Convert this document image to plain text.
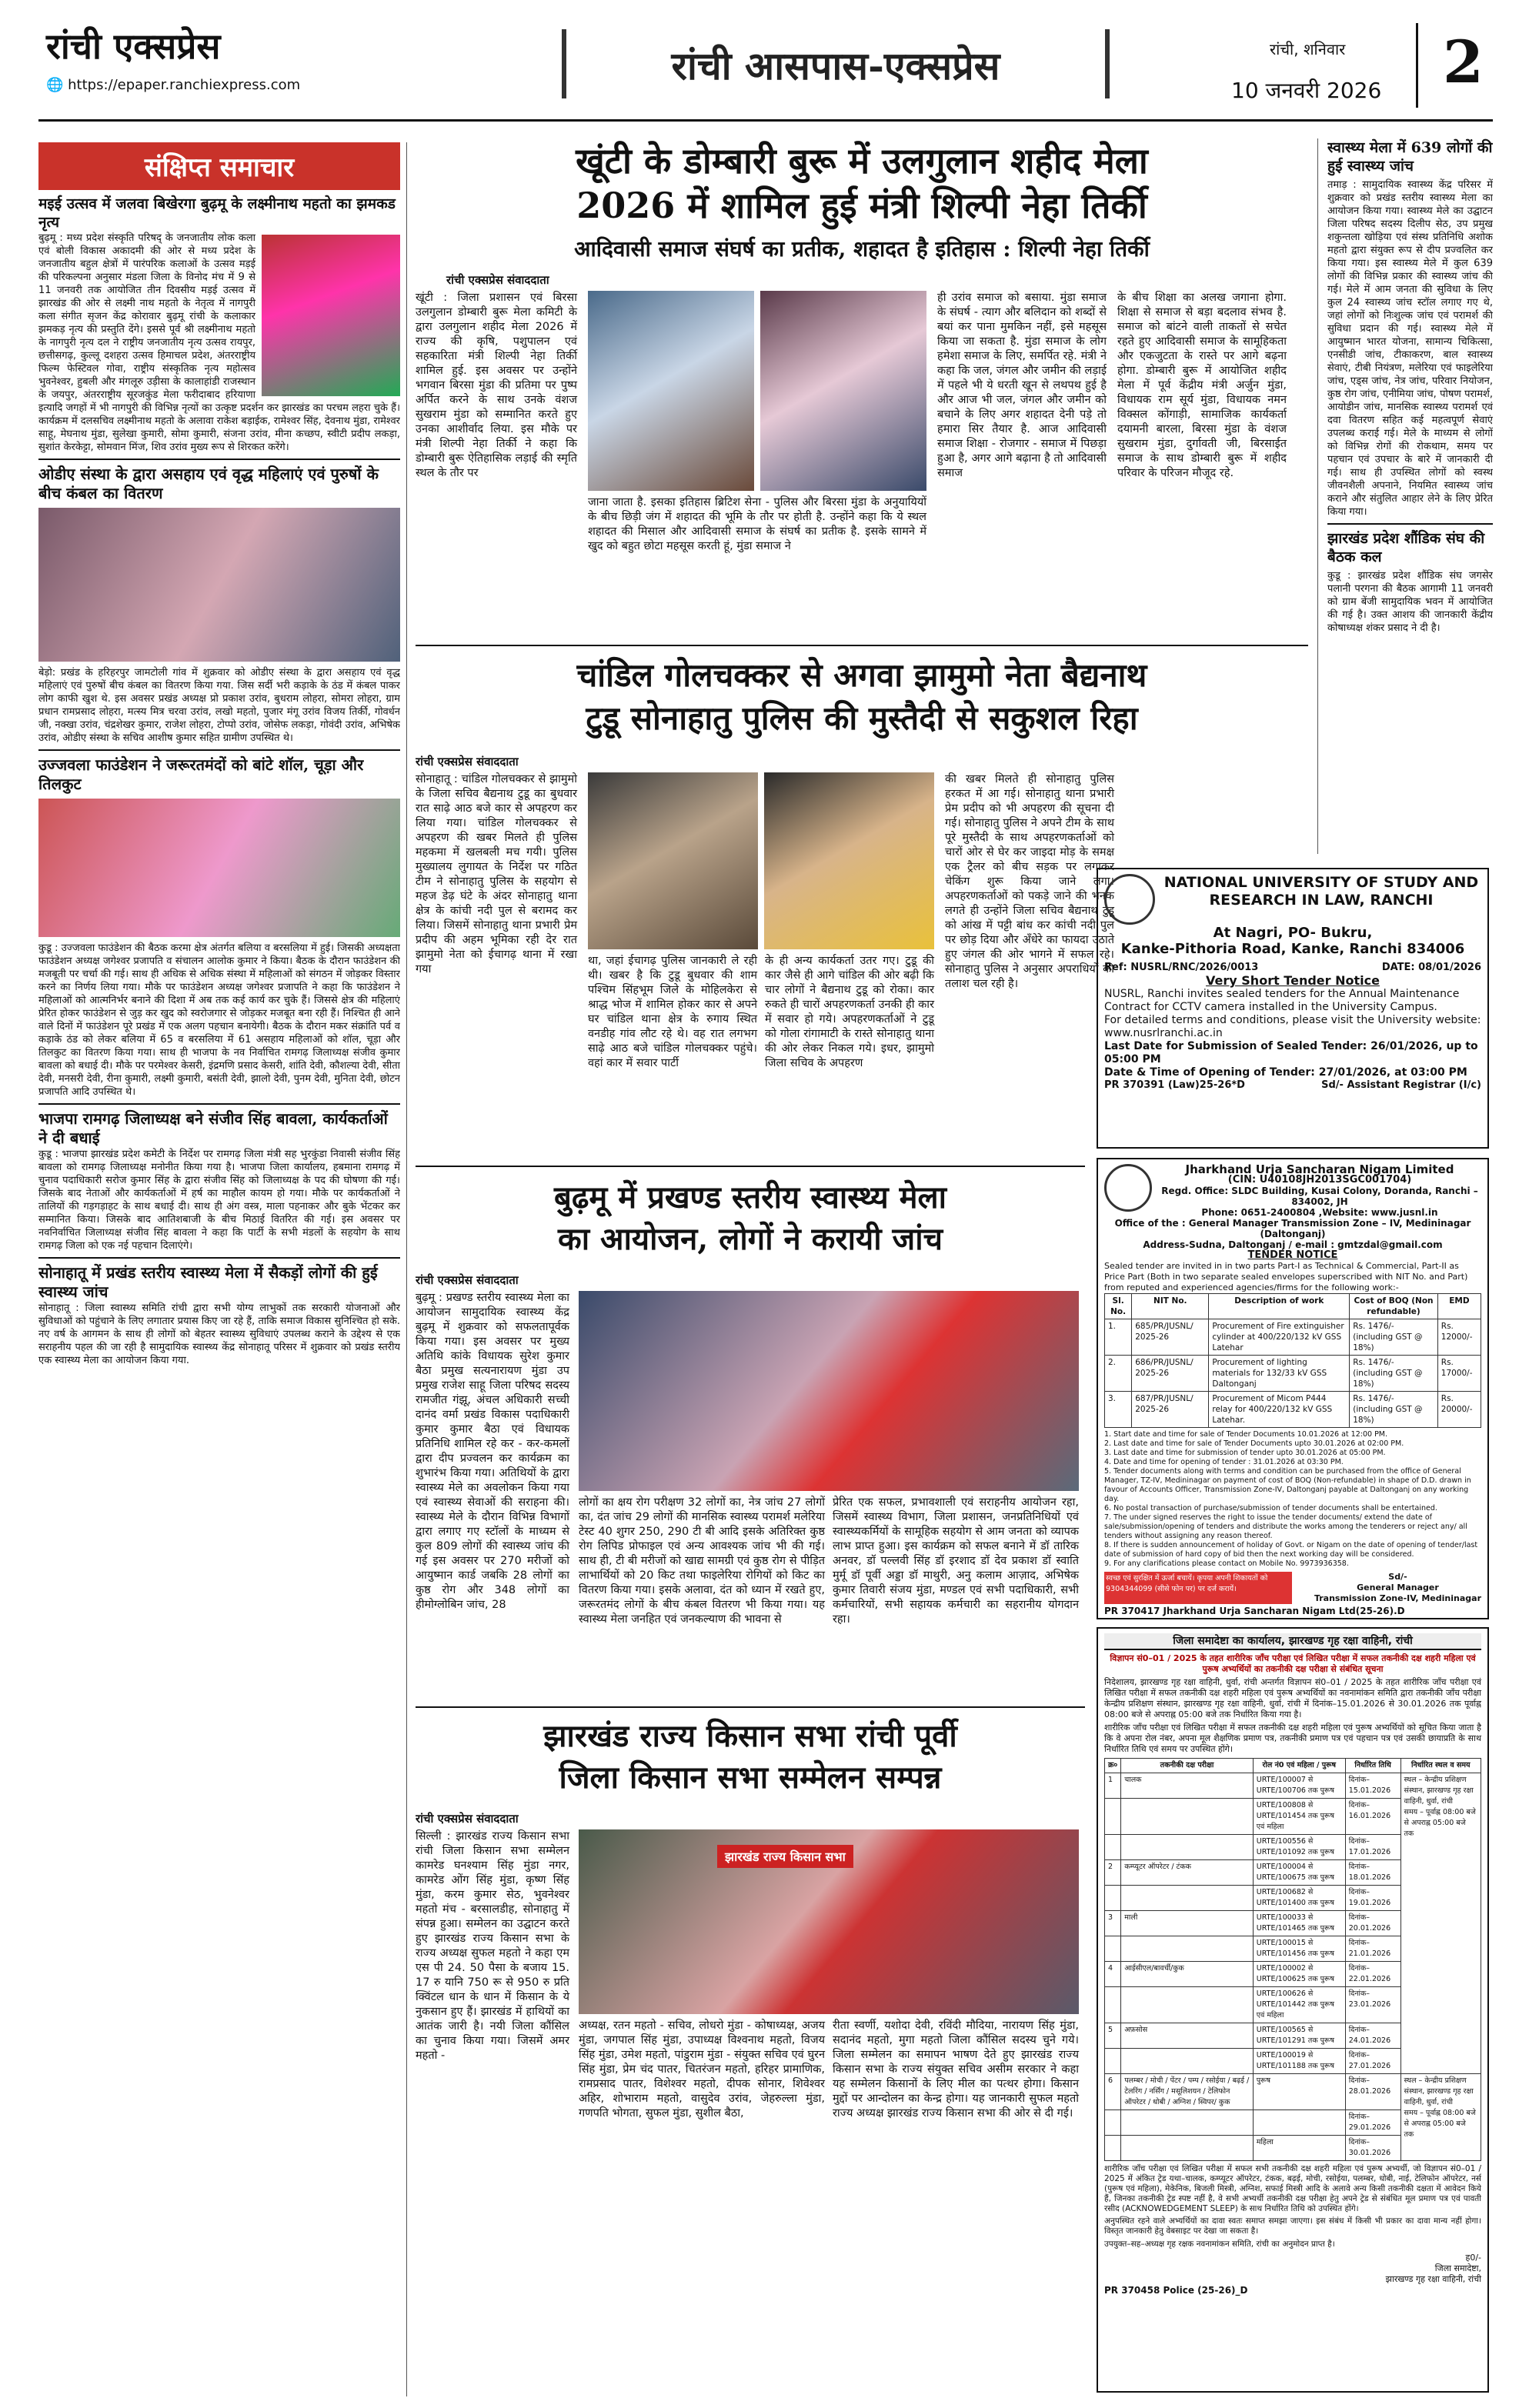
रांची एक्सप्रेस
🌐 https://epaper.ranchiexpress.com	रांची आसपास-एक्सप्रेस	रांची, शनिवार
10 जनवरी 2026 2
संक्षिप्त समाचार
मइर्ई उत्सव में जलवा बिखेरगा बुढ़मू के लक्ष्मीनाथ महतो का झमकड नृत्य
बुढ़मू : मध्य प्रदेश संस्कृति परिषद् के जनजातीय लोक कला एवं बोली विकास अकादमी की ओर से मध्य प्रदेश के जनजातीय बहुल क्षेत्रों में पारंपरिक कलाओं के उत्सव मड़ई की परिकल्पना अनुसार मंडला जिला के विनोद मंच में 9 से 11 जनवरी तक आयोजित तीन दिवसीय मड़ई उत्सव में झारखंड की ओर से लक्ष्मी नाथ महतो के नेतृत्व में नागपुरी कला संगीत सृजन केंद्र कोरावार बुढ़मू रांची के कलाकार झमकड़ नृत्य की प्रस्तुति देंगे। इससे पूर्व श्री लक्ष्मीनाथ महतो के नागपुरी नृत्य दल ने राष्ट्रीय जनजातीय नृत्य उत्सव रायपुर, छत्तीसगढ़, कुल्लू दशहरा उत्सव हिमाचल प्रदेश, अंतरराष्ट्रीय फिल्म फेस्टिवल गोवा, राष्ट्रीय संस्कृतिक नृत्य महोत्सव भुवनेश्वर, हुबली और मंगलूरु उड़ीसा के कालाहांडी राजस्थान के जयपुर, अंतरराष्ट्रीय सूरजकुंड मेला फरीदाबाद हरियाणा इत्यादि जगहों में भी नागपुरी की विभिन्न नृत्यों का उत्कृष्ट प्रदर्शन कर झारखंड का परचम लहरा चुके हैं। कार्यक्रम में दलसचिव लक्ष्मीनाथ महतो के अलावा राकेश बड़ाईक, रामेश्वर सिंह, देवनाथ मुंडा, रामेश्वर साहू, मेघनाथ मुंडा, सुलेखा कुमारी, सोमा कुमारी, संजना उरांव, मीना कच्छप, स्वीटी प्रदीप लकड़ा, सुशांत केरकेट्टा, सोमवान मिंज, शिव उरांव मुख्य रूप से शिरकत करेंगे।
ओडीए संस्था के द्वारा असहाय एवं वृद्ध महिलाएं एवं पुरुषों के बीच कंबल का वितरण
बेड़ो: प्रखंड के हरिहरपुर जामटोली गांव में शुक्रवार को ओडीए संस्था के द्वारा असहाय एवं वृद्ध महिलाएं एवं पुरुषों बीच कंबल का वितरण किया गया. जिस सर्दी भरी कड़ाके के ठंड में कंबल पाकर लोग काफी खुश थे. इस अवसर प्रखंड अध्यक्ष प्रो प्रकाश उरांव, बुधराम लोहरा, सोमरा लोहरा, ग्राम प्रधान रामप्रसाद लोहरा, मत्स्य मित्र चरवा उरांव, लखो महतो, पुजार मंगू उरांव विजय तिर्की, गोवर्धन जी, नक्खा उरांव, चंद्रशेखर कुमार, राजेश लोहरा, टोप्पो उरांव, जोसेफ लकड़ा, गोवंदी उरांव, अभिषेक उरांव, ओडीए संस्था के सचिव आशीष कुमार सहित ग्रामीण उपस्थित थे।
उज्जवला फाउंडेशन ने जरूरतमंदों को बांटे शॉल, चूड़ा और तिलकुट
कुडू : उज्जवला फाउंडेशन की बैठक करमा क्षेत्र अंतर्गत बलिया व बरसलिया में हुई। जिसकी अध्यक्षता फाउंडेशन अध्यक्ष जगेश्वर प्रजापति व संचालन आलोक कुमार ने किया। बैठक के दौरान फाउंडेशन की मजबूती पर चर्चा की गई। साथ ही अधिक से अधिक संस्था में महिलाओं को संगठन में जोड़कर विस्तार करने का निर्णय लिया गया। मौके पर फाउंडेशन अध्यक्ष जगेश्वर प्रजापति ने कहा कि फाउंडेशन ने महिलाओं को आत्मनिर्भर बनाने की दिशा में अब तक कई कार्य कर चुके हैं। जिससे क्षेत्र की महिलाएं प्रेरित होकर फाउंडेशन से जुड़ कर खुद को स्वरोजगार से जोड़कर मजबूत बना रही हैं। निश्चित ही आने वाले दिनों में फाउंडेशन पूरे प्रखंड में एक अलग पहचान बनायेगी। बैठक के दौरान मकर संक्रांति पर्व व कड़ाके ठंड को लेकर बलिया में 65 व बरसलिया में 61 असहाय महिलाओं को शॉल, चूड़ा और तिलकुट का वितरण किया गया। साथ ही भाजपा के नव निर्वाचित रामगढ़ जिलाध्यक्ष संजीव कुमार बावला को बधाई दी। मौके पर परमेश्वर केसरी, इंद्रमणि प्रसाद केसरी, शांति देवी, कौशल्या देवी, सीता देवी, मनसरी देवी, रीना कुमारी, लक्ष्मी कुमारी, बसंती देवी, झालो देवी, पुनम देवी, मुनिता देवी, छोटन प्रजापति आदि उपस्थित थे।
भाजपा रामगढ़ जिलाध्यक्ष बने संजीव सिंह बावला, कार्यकर्ताओं ने दी बधाई
कुडू : भाजपा झारखंड प्रदेश कमेटी के निर्देश पर रामगढ़ जिला मंत्री सह भुरकुंडा निवासी संजीव सिंह बावला को रामगढ़ जिलाध्यक्ष मनोनीत किया गया है। भाजपा जिला कार्यालय, हबमाना रामगढ़ में चुनाव पदाधिकारी सरोज कुमार सिंह के द्वारा संजीव सिंह को जिलाध्यक्ष के पद की घोषणा की गई। जिसके बाद नेताओं और कार्यकर्ताओं में हर्ष का माहौल कायम हो गया। मौके पर कार्यकर्ताओं ने तालियों की गड़गड़ाहट के साथ बधाई दी। साथ ही अंग वस्त्र, माला पहनाकर और बुके भेंटकर कर सम्मानित किया। जिसके बाद आतिशबाजी के बीच मिठाई वितरित की गई। इस अवसर पर नवनिर्वाचित जिलाध्यक्ष संजीव सिंह बावला ने कहा कि पार्टी के सभी मंडलों के सहयोग के साथ रामगढ़ जिला को एक नई पहचान दिलाएंगे।
सोनाहातू में प्रखंड स्तरीय स्वास्थ्य मेला में सैकड़ों लोगों की हुई स्वास्थ्य जांच
सोनाहातू : जिला स्वास्थ्य समिति रांची द्वारा सभी योग्य लाभुकों तक सरकारी योजनाओं और सुविधाओं को पहुंचाने के लिए लगातार प्रयास किए जा रहे हैं, ताकि समाज विकास सुनिश्चित हो सके. नए वर्ष के आगमन के साथ ही लोगों को बेहतर स्वास्थ्य सुविधाएं उपलब्ध कराने के उद्देश्य से एक सराहनीय पहल की जा रही है सामुदायिक स्वास्थ्य केंद्र सोनाहातू परिसर में शुक्रवार को प्रखंड स्तरीय एक स्वास्थ्य मेला का आयोजन किया गया.
खूंटी के डोम्बारी बुरू में उलगुलान शहीद मेला
2026 में शामिल हुई मंत्री शिल्पी नेहा तिर्की
आदिवासी समाज संघर्ष का प्रतीक, शहादत है इतिहास : शिल्पी नेहा तिर्की
रांची एक्सप्रेस संवाददाता
खूंटी : जिला प्रशासन एवं बिरसा उलगुलान डोम्बारी बुरू मेला कमिटी के द्वारा उलगुलान शहीद मेला 2026 में राज्य की कृषि, पशुपालन एवं सहकारिता मंत्री शिल्पी नेहा तिर्की शामिल हुई. इस अवसर पर उन्होंने भगवान बिरसा मुंडा की प्रतिमा पर पुष्प अर्पित करने के साथ उनके वंशज सुखराम मुंडा को सम्मानित करते हुए उनका आशीर्वाद लिया. इस मौके पर मंत्री शिल्पी नेहा तिर्की ने कहा कि डोम्बारी बुरू ऐतिहासिक लड़ाई की स्मृति स्थल के तौर पर
जाना जाता है. इसका इतिहास ब्रिटिश सेना - पुलिस और बिरसा मुंडा के अनुयायियों के बीच छिड़ी जंग में शहादत की भूमि के तौर पर होती है. उन्होंने कहा कि ये स्थल शहादत की मिसाल और आदिवासी समाज के संघर्ष का प्रतीक है. इसके सामने में खुद को बहुत छोटा महसूस करती हूं, मुंडा समाज ने
ही उरांव समाज को बसाया. मुंडा समाज के संघर्ष - त्याग और बलिदान को शब्दों से बयां कर पाना मुमकिन नहीं, इसे महसूस किया जा सकता है. मुंडा समाज के लोग हमेशा समाज के लिए, समर्पित रहे. मंत्री ने कहा कि जल, जंगल और जमीन की लड़ाई में पहले भी ये धरती खून से लथपथ हुई है और आज भी जल, जंगल और जमीन को बचाने के लिए अगर शहादत देनी पड़े तो हमारा सिर तैयार है. आज आदिवासी समाज शिक्षा - रोजगार - समाज में पिछड़ा हुआ है, अगर आगे बढ़ाना है तो आदिवासी समाज
के बीच शिक्षा का अलख जगाना होगा. शिक्षा से समाज से बड़ा बदलाव संभव है. समाज को बांटने वाली ताकतों से सचेत रहते हुए आदिवासी समाज के सामूहिकता और एकजुटता के रास्ते पर आगे बढ़ना होगा. डोम्बारी बुरू में आयोजित शहीद मेला में पूर्व केंद्रीय मंत्री अर्जुन मुंडा, विधायक राम सूर्य मुंडा, विधायक नमन विक्सल कोंगाड़ी, सामाजिक कार्यकर्ता दयामनी बारला, बिरसा मुंडा के वंशज सुखराम मुंडा, दुर्गावती जी, बिरसाईत समाज के साथ डोम्बारी बुरू में शहीद परिवार के परिजन मौजूद रहे.
स्वास्थ्य मेला में 639 लोगों की हुई स्वास्थ्य जांच
तमाड़ : सामुदायिक स्वास्थ्य केंद्र परिसर में शुक्रवार को प्रखंड स्तरीय स्वास्थ्य मेला का आयोजन किया गया। स्वास्थ्य मेले का उद्घाटन जिला परिषद सदस्य दिलीप सेठ, उप प्रमुख शकुन्तला खोड़िया एवं संस्थ प्रतिनिधि अशोक महतो द्वारा संयुक्त रूप से दीप प्रज्वलित कर किया गया। इस स्वास्थ्य मेले में कुल 639 लोगों की विभिन्न प्रकार की स्वास्थ्य जांच की गई। मेले में आम जनता की सुविधा के लिए कुल 24 स्वास्थ्य जांच स्टॉल लगाए गए थे, जहां लोगों को निःशुल्क जांच एवं परामर्श की सुविधा प्रदान की गई। स्वास्थ्य मेले में आयुष्मान भारत योजना, सामान्य चिकित्सा, एनसीडी जांच, टीकाकरण, बाल स्वास्थ्य सेवाएं, टीबी नियंत्रण, मलेरिया एवं फाइलेरिया जांच, एड्स जांच, नेत्र जांच, परिवार नियोजन, कुष्ठ रोग जांच, एनीमिया जांच, पोषण परामर्श, आयोडीन जांच, मानसिक स्वास्थ्य परामर्श एवं दवा वितरण सहित कई महत्वपूर्ण सेवाएं उपलब्ध कराई गई। मेले के माध्यम से लोगों को विभिन्न रोगों की रोकथाम, समय पर पहचान एवं उपचार के बारे में जानकारी दी गई। साथ ही उपस्थित लोगों को स्वस्थ जीवनशैली अपनाने, नियमित स्वास्थ्य जांच कराने और संतुलित आहार लेने के लिए प्रेरित किया गया।
झारखंड प्रदेश शौंडिक संघ की बैठक कल
कुडू : झारखंड प्रदेश शौंडिक संघ जगसेर पलानी परगना की बैठक आगामी 11 जनवरी को ग्राम बेंजी सामुदायिक भवन में आयोजित की गई है। उक्त आशय की जानकारी केंद्रीय कोषाध्यक्ष शंकर प्रसाद ने दी है।
चांडिल गोलचक्कर से अगवा झामुमो नेता बैद्यनाथ
टुडू सोनाहातु पुलिस की मुस्तैदी से सकुशल रिहा
रांची एक्सप्रेस संवाददाता
सोनाहातू : चांडिल गोलचक्कर से झामुमो के जिला सचिव बैद्यनाथ टुडू का बुधवार रात साढ़े आठ बजे कार से अपहरण कर लिया गया। चांडिल गोलचक्कर से अपहरण की खबर मिलते ही पुलिस महकमा में खलबली मच गयी। पुलिस मुख्यालय लुगायत के निर्देश पर गठित टीम ने सोनाहातु पुलिस के सहयोग से महज डेढ़ घंटे के अंदर सोनाहातु थाना क्षेत्र के कांची नदी पुल से बरामद कर लिया। जिसमें सोनाहातु थाना प्रभारी प्रेम प्रदीप की अहम भूमिका रही देर रात झामुमो नेता को ईचागढ़ थाना में रखा गया
था, जहां ईचागढ़ पुलिस जानकारी ले रही थी। खबर है कि टुडू बुधवार की शाम पश्चिम सिंहभूम जिले के मोहिलकेरा से श्राद्ध भोज में शामिल होकर कार से अपने घर चांडिल थाना क्षेत्र के रुगाय स्थित वनडीह गांव लौट रहे थे। वह रात लगभग साढ़े आठ बजे चांडिल गोलचक्कर पहुंचे। वहां कार में सवार पार्टी
के ही अन्य कार्यकर्ता उतर गए। टुडू की कार जैसे ही आगे चांडिल की ओर बढ़ी कि चार लोगों ने बैद्यनाथ टुडू को रोका। कार रुकते ही चारों अपहरणकर्ता उनकी ही कार में सवार हो गये। अपहरणकर्ताओं ने टुडू को गोला रांगामाटी के रास्ते सोनाहातु थाना की ओर लेकर निकल गये। इधर, झामुमो जिला सचिव के अपहरण
की खबर मिलते ही सोनाहातु पुलिस हरकत में आ गई। सोनाहातु थाना प्रभारी प्रेम प्रदीप को भी अपहरण की सूचना दी गई। सोनाहातु पुलिस ने अपने टीम के साथ पूरे मुस्तैदी के साथ अपहरणकर्ताओं को चारों ओर से घेर कर जाइदा मोड़ के समक्ष एक ट्रैलर को बीच सड़क पर लगाकर चेकिंग शुरू किया जाने लगा। अपहरणकर्ताओं को पकड़े जाने की भनक लगते ही उन्होंने जिला सचिव बैद्यनाथ टुडू को आंख में पट्टी बांध कर कांची नदी पुल पर छोड़ दिया और अँधेरे का फायदा उठाते हुए जंगल की ओर भागने में सफल रहे। सोनाहातु पुलिस ने अनुसार अपराधियों की तलाश चल रही है।
NATIONAL UNIVERSITY OF STUDY AND RESEARCH IN LAW, RANCHI
At Nagri, PO- Bukru,
Kanke-Pithoria Road, Kanke, Ranchi 834006
Ref: NUSRL/RNC/2026/0013	DATE: 08/01/2026
Very Short Tender Notice
NUSRL, Ranchi invites sealed tenders for the Annual Maintenance Contract for CCTV camera installed in the University Campus.
For detailed terms and conditions, please visit the University website: www.nusrlranchi.ac.in
Last Date for Submission of Sealed Tender: 26/01/2026, up to 05:00 PM
Date & Time of Opening of Tender: 27/01/2026, at 03:00 PM
PR 370391 (Law)25-26*D	Sd/- Assistant Registrar (I/c)
बुढ़मू में प्रखण्ड स्तरीय स्वास्थ्य मेला
का आयोजन, लोगों ने करायी जांच
रांची एक्सप्रेस संवाददाता
बुढ़मू : प्रखण्ड स्तरीय स्वास्थ्य मेला का आयोजन सामुदायिक स्वास्थ्य केंद्र बुढ़मू में शुक्रवार को सफलतापूर्वक किया गया। इस अवसर पर मुख्य अतिथि कांके विधायक सुरेश कुमार बैठा प्रमुख सत्यनारायण मुंडा उप प्रमुख राजेश साहू जिला परिषद सदस्य रामजीत गंझू, अंचल अधिकारी सच्ची दानंद वर्मा प्रखंड विकास पदाधिकारी कुमार कुमार बैठा एवं विधायक प्रतिनिधि शामिल रहे कर - कर-कमलों द्वारा दीप प्रज्वलन कर कार्यक्रम का शुभारंभ किया गया। अतिथियों के द्वारा स्वास्थ्य मेले का अवलोकन किया गया एवं स्वास्थ्य सेवाओं की सराहना की। स्वास्थ्य मेले के दौरान विभिन्न विभागों द्वारा लगाए गए स्टॉलों के माध्यम से कुल 809 लोगों की स्वास्थ्य जांच की गई इस अवसर पर 270 मरीजों को आयुष्मान कार्ड जबकि 28 लोगों का कुष्ठ रोग और 348 लोगों का हीमोग्लोबिन जांच, 28
लोगों का क्षय रोग परीक्षण 32 लोगों का, नेत्र जांच 27 लोगों का, दंत जांच 29 लोगों की मानसिक स्वास्थ्य परामर्श मलेरिया टेस्ट 40 शुगर 250, 290 टी बी आदि इसके अतिरिक्त कुष्ठ रोग लिपिड प्रोफाइल एवं अन्य आवश्यक जांच भी की गई। साथ ही, टी बी मरीजों को खाद्य सामग्री एवं कुष्ठ रोग से पीड़ित लाभार्थियों को 20 किट तथा फाइलेरिया रोगियों को किट का वितरण किया गया। इसके अलावा, दंत को ध्यान में रखते हुए, जरूरतमंद लोगों के बीच कंबल वितरण भी किया गया। यह स्वास्थ्य मेला जनहित एवं जनकल्याण की भावना से
प्रेरित एक सफल, प्रभावशाली एवं सराहनीय आयोजन रहा, जिसमें स्वास्थ्य विभाग, जिला प्रशासन, जनप्रतिनिधियों एवं स्वास्थ्यकर्मियों के सामूहिक सहयोग से आम जनता को व्यापक लाभ प्राप्त हुआ। इस कार्यक्रम को सफल बनाने में डॉ तारिक अनवर, डॉ पल्लवी सिंह डॉ इरशाद डॉ देव प्रकाश डॉ स्वाति मुर्मू डॉ पूर्वी अड्डा डॉ माथुरी, अनु कलाम आज़ाद, अभिषेक कुमार तिवारी संजय मुंडा, मण्डल एवं सभी पदाधिकारी, सभी कर्मचारियों, सभी सहायक कर्मचारी का सहरानीय योगदान रहा।
Jharkhand Urja Sancharan Nigam Limited
(CIN: U40108JH2013SGC001704)
Regd. Office: SLDC Building, Kusai Colony, Doranda, Ranchi – 834002, JH
Phone: 0651-2400804 ,Website: www.jusnl.in
Office of the : General Manager Transmission Zone – IV, Medininagar (Daltonganj)
Address-Sudna, Daltonganj / e-mail : gmtzdal@gmail.com
TENDER NOTICE
Sealed tender are invited in in two parts Part-I as Technical & Commercial, Part-II as Price Part (Both in two separate sealed envelopes superscribed with NIT No. and Part) from reputed and experienced agencies/firms for the following work:-
Sl. No.	NIT No.	Description of work	Cost of BOQ (Non refundable)	EMD
1.	685/PR/JUSNL/ 2025-26	Procurement of Fire extinguisher cylinder at 400/220/132 kV GSS Latehar	Rs. 1476/- (including GST @ 18%)	Rs. 12000/-
2.	686/PR/JUSNL/ 2025-26	Procurement of lighting materials for 132/33 kV GSS Daltonganj	Rs. 1476/- (including GST @ 18%)	Rs. 17000/-
3.	687/PR/JUSNL/ 2025-26	Procurement of Micom P444 relay for 400/220/132 kV GSS Latehar.	Rs. 1476/- (including GST @ 18%)	Rs. 20000/-
1. Start date and time for sale of Tender Documents 10.01.2026 at 12:00 PM.
2. Last date and time for sale of Tender Documents upto 30.01.2026 at 02:00 PM.
3. Last date and time for submission of tender upto 30.01.2026 at 05:00 PM.
4. Date and time for opening of tender : 31.01.2026 at 03:30 PM.
5. Tender documents along with terms and condition can be purchased from the office of General Manager, TZ-IV, Medininagar on payment of cost of BOQ (Non-refundable) in shape of D.D. drawn in favour of Accounts Officer, Transmission Zone-IV, Daltonganj payable at Daltonganj on any working day.
6. No postal transaction of purchase/submission of tender documents shall be entertained.
7. The under signed reserves the right to issue the tender documents/ extend the date of sale/submission/opening of tenders and distribute the works among the tenderers or reject any/ all tenders without assigning any reason thereof.
8. If there is sudden announcement of holiday of Govt. or Nigam on the date of opening of tender/last date of submission of hard copy of bid then the next working day will be considered.
9. For any clarifications please contact on Mobile No. 9973936358.
स्वच्छ एवं सुरक्षित में ऊर्जा बचायें। कृपया अपनी शिकायतों को 9304344099 (सीसे फोन पर) पर दर्ज करायें।
Sd/-
General Manager
Transmission Zone-IV, Medininagar
PR 370417 Jharkhand Urja Sancharan Nigam Ltd(25-26).D
झारखंड राज्य किसान सभा रांची पूर्वी
जिला किसान सभा सम्मेलन सम्पन्न
रांची एक्सप्रेस संवाददाता
सिल्ली : झारखंड राज्य किसान सभा रांची जिला किसान सभा सम्मेलन कामरेड घनश्याम सिंह मुंडा नगर, कामरेड ओंग सिंह मुंडा, कृष्ण सिंह मुंडा, करम कुमार सेठ, भुवनेश्वर महतो मंच - बरसालडीह, सोनाहातु में संपन्न हुआ। सम्मेलन का उद्घाटन करते हुए झारखंड राज्य किसान सभा के राज्य अध्यक्ष सुफल महतो ने कहा एम एस पी 24. 50 पैसा के बजाय 15. 17 रु यानि 750 रू से 950 रु प्रति क्विंटल धान के धान में किसान के ये नुकसान हुए हैं। झारखंड में हाथियों का आतंक जारी है। नयी जिला कौंसिल का चुनाव किया गया। जिसमें अमर महतो -
झारखंड राज्य किसान सभा
अध्यक्ष, रतन महतो - सचिव, लोधरो मुंडा - कोषाध्यक्ष, अजय मुंडा, जगपाल सिंह मुंडा, उपाध्यक्ष विश्वनाथ महतो, विजय सिंह मुंडा, उमेश महतो, पांडुराम मुंडा - संयुक्त सचिव एवं घुरन सिंह मुंडा, प्रेम चंद पातर, चितरंजन महतो, हरिहर प्रामाणिक, रामप्रसाद पातर, विशेश्वर महतो, दीपक सोनार, शिवेश्वर अहिर, शोभाराम महतो, वासुदेव उरांव, जेहरुल्ला मुंडा, गणपति भोगता, सुफल मुंडा, सुशील बैठा,
रीता स्वर्णी, यशोदा देवी, रविंदी मौदिया, नारायण सिंह मुंडा, सदानंद महतो, मुगा महतो जिला कौंसिल सदस्य चुने गये। जिला सम्मेलन का समापन भाषण देते हुए झारखंड राज्य किसान सभा के राज्य संयुक्त सचिव असीम सरकार ने कहा यह सम्मेलन किसानों के लिए मील का पत्थर होगा। किसान मुद्दों पर आन्दोलन का केन्द्र होगा। यह जानकारी सुफल महतो राज्य अध्यक्ष झारखंड राज्य किसान सभा की ओर से दी गई।
जिला समादेष्टा का कार्यालय, झारखण्ड गृह रक्षा वाहिनी, रांची
विज्ञापन सं0–01 / 2025 के तहत शारीरिक जाँच परीक्षा एवं लिखित परीक्षा में सफल तकनीकी दक्ष शहरी महिला एवं पुरूष अभ्यर्थियों का तकनीकी दक्ष परीक्षा से संबंधित सूचना
निदेशालय, झारखण्ड गृह रक्षा वाहिनी, धुर्वा, रांची अन्तर्गत विज्ञापन सं0–01 / 2025 के तहत शारीरिक जाँच परीक्षा एवं लिखित परीक्षा में सफल तकनीकी दक्ष शहरी महिला एवं पुरूष अभ्यर्थियों का नवनामांकन समिति द्वारा तकनीकी जाँच परीक्षा केन्द्रीय प्रशिक्षण संस्थान, झारखण्ड गृह रक्षा वाहिनी, धुर्वा, रांची में दिनांक–15.01.2026 से 30.01.2026 तक पूर्वाह्न 08:00 बजे से अपराह्न 05:00 बजे तक निर्धारित किया गया है।
शारीरिक जाँच परीक्षा एवं लिखित परीक्षा में सफल तकनीकी दक्ष शहरी महिला एवं पुरूष अभ्यर्थियों को सूचित किया जाता है कि वे अपना रोल नंबर, अपना मूल शैक्षणिक प्रमाण पत्र, तकनीकी प्रमाण पत्र एवं पहचान पत्र एवं उसकी छायाप्रति के साथ निर्धारित तिथि एवं समय पर उपस्थित होंगे।
क्र०	तकनीकी दक्ष परीक्षा	रोल नं0 एवं महिला / पुरूष	निर्धारित तिथि	निर्धारित स्थल व समय
1	चालक	URTE/100007 से URTE/100706 तक पुरूष	दिनांक–15.01.2026	स्थल – केन्द्रीय प्रशिक्षण संस्थान, झारखण्ड गृह रक्षा वाहिनी, धुर्वा, रांची
समय – पूर्वाह्न 08:00 बजे से अपराह्न 05:00 बजे तक

		URTE/100808 से URTE/101454 तक पुरूष एवं महिला	दिनांक–16.01.2026	
		URTE/100556 से URTE/101092 तक पुरूष	दिनांक–17.01.2026	
2	कम्प्यूटर ऑपरेटर / टंकक	URTE/100004 से URTE/100675 तक पुरूष	दिनांक–18.01.2026	
		URTE/100682 से URTE/101400 तक पुरूष	दिनांक–19.01.2026	
3	माली	URTE/100033 से URTE/101465 तक पुरूष	दिनांक–20.01.2026	
		URTE/100015 से URTE/101456 तक पुरूष	दिनांक–21.01.2026	
4	आईसीएल/बावर्ची/कुक	URTE/100002 से URTE/100625 तक पुरूष	दिनांक–22.01.2026	
		URTE/100626 से URTE/101442 तक पुरूष एवं महिला	दिनांक–23.01.2026	
5	अफ़सोस	URTE/100565 से URTE/101291 तक पुरूष	दिनांक–24.01.2026	
		URTE/100019 से URTE/101188 तक पुरूष	दिनांक–27.01.2026	
6	पलम्बर / मोची / पेंटर / पम्प / रसोईया / बढ़ई / टेलरिंग / नर्सिंग / मसूलिशयन / टेलिफोन ऑपरेटर / धोबी / अग्निश / स्विपर/ कुक	पुरूष	दिनांक–28.01.2026	स्थल – केन्द्रीय प्रशिक्षण संस्थान, झारखण्ड गृह रक्षा वाहिनी, धुर्वा, रांची
समय – पूर्वाह्न 08:00 बजे से अपराह्न 05:00 बजे तक

			दिनांक–29.01.2026	
		महिला	दिनांक–30.01.2026	
शारीरिक जाँच परीक्षा एवं लिखित परीक्षा में सफल सभी तकनीकी दक्ष शहरी महिला एवं पुरूष अभ्यर्थी, जो विज्ञापन सं0–01 / 2025 में अंकित ट्रेड यथा–चालक, कम्प्यूटर ऑपरेटर, टंकक, बढ़ई, मोची, रसोईया, पलम्बर, धोबी, नाई, टेलिफोन ऑपरेटर, नर्स (पुरूष एवं महिला), मेकेनिक, बिजली मिस्त्री, अग्निश, सफाई मिस्त्री आदि के अलावे अन्य किसी तकनीकी दक्षता में आवेदन किये हैं, जिनका तकनीकी ट्रेड स्पष्ट नहीं है, वे सभी अभ्यर्थी तकनीकी दक्ष परीक्षा हेतु अपने ट्रेड से संबंधित मूल प्रमाण पत्र एवं पावती रसीद (ACKNOWEDGEMENT SLEEP) के साथ निर्धारित तिथि को उपस्थित होंगे।
अनुपस्थित रहने वाले अभ्यर्थियों का दावा स्वतः समाप्त समझा जाएगा। इस संबंध में किसी भी प्रकार का दावा मान्य नहीं होगा। विस्तृत जानकारी हेतु वेबसाइट पर देखा जा सकता है।
उपयुक्त–सह–अध्यक्ष गृह रक्षक नवनामांकन समिति, रांची का अनुमोदन प्राप्त है।
ह0/-
जिला समादेष्टा,
झारखण्ड गृह रक्षा वाहिनी, रांची
PR 370458 Police (25-26)_D
